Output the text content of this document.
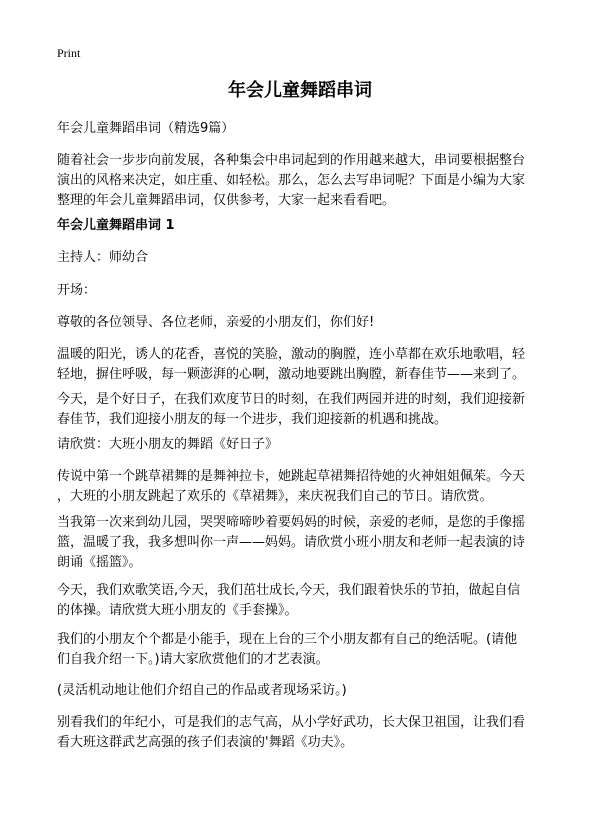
Print
年会儿童舞蹈串词
年会儿童舞蹈串词（精选9篇）
随着社会一步步向前发展，各种集会中串词起到的作用越来越大，串词要根据整台
演出的风格来决定，如庄重、如轻松。那么，怎么去写串词呢？下面是小编为大家
整理的年会儿童舞蹈串词，仅供参考，大家一起来看看吧。
年会儿童舞蹈串词 1
主持人：师幼合
开场：
尊敬的各位领导、各位老师，亲爱的小朋友们，你们好!
温暖的阳光，诱人的花香，喜悦的笑脸，激动的胸膛，连小草都在欢乐地歌唱，轻
轻地，摒住呼吸，每一颗澎湃的心啊，激动地要跳出胸膛，新春佳节——来到了。
今天，是个好日子，在我们欢度节日的时刻，在我们两园并进的时刻，我们迎接新
春佳节，我们迎接小朋友的每一个进步，我们迎接新的机遇和挑战。
请欣赏：大班小朋友的舞蹈《好日子》
传说中第一个跳草裙舞的是舞神拉卡，她跳起草裙舞招待她的火神姐姐佩茱。今天
，大班的小朋友跳起了欢乐的《草裙舞》，来庆祝我们自己的节日。请欣赏。
当我第一次来到幼儿园，哭哭啼啼吵着要妈妈的时候，亲爱的老师，是您的手像摇
篮，温暖了我，我多想叫你一声——妈妈。请欣赏小班小朋友和老师一起表演的诗
朗诵《摇篮》。
今天，我们欢歌笑语,今天，我们茁壮成长,今天，我们跟着快乐的节拍，做起自信
的体操。请欣赏大班小朋友的《手套操》。
我们的小朋友个个都是小能手，现在上台的三个小朋友都有自己的绝活呢。(请他
们自我介绍一下。)请大家欣赏他们的才艺表演。
(灵活机动地让他们介绍自己的作品或者现场采访。)
别看我们的年纪小，可是我们的志气高，从小学好武功，长大保卫祖国，让我们看
看大班这群武艺高强的孩子们表演的'舞蹈《功夫》。
